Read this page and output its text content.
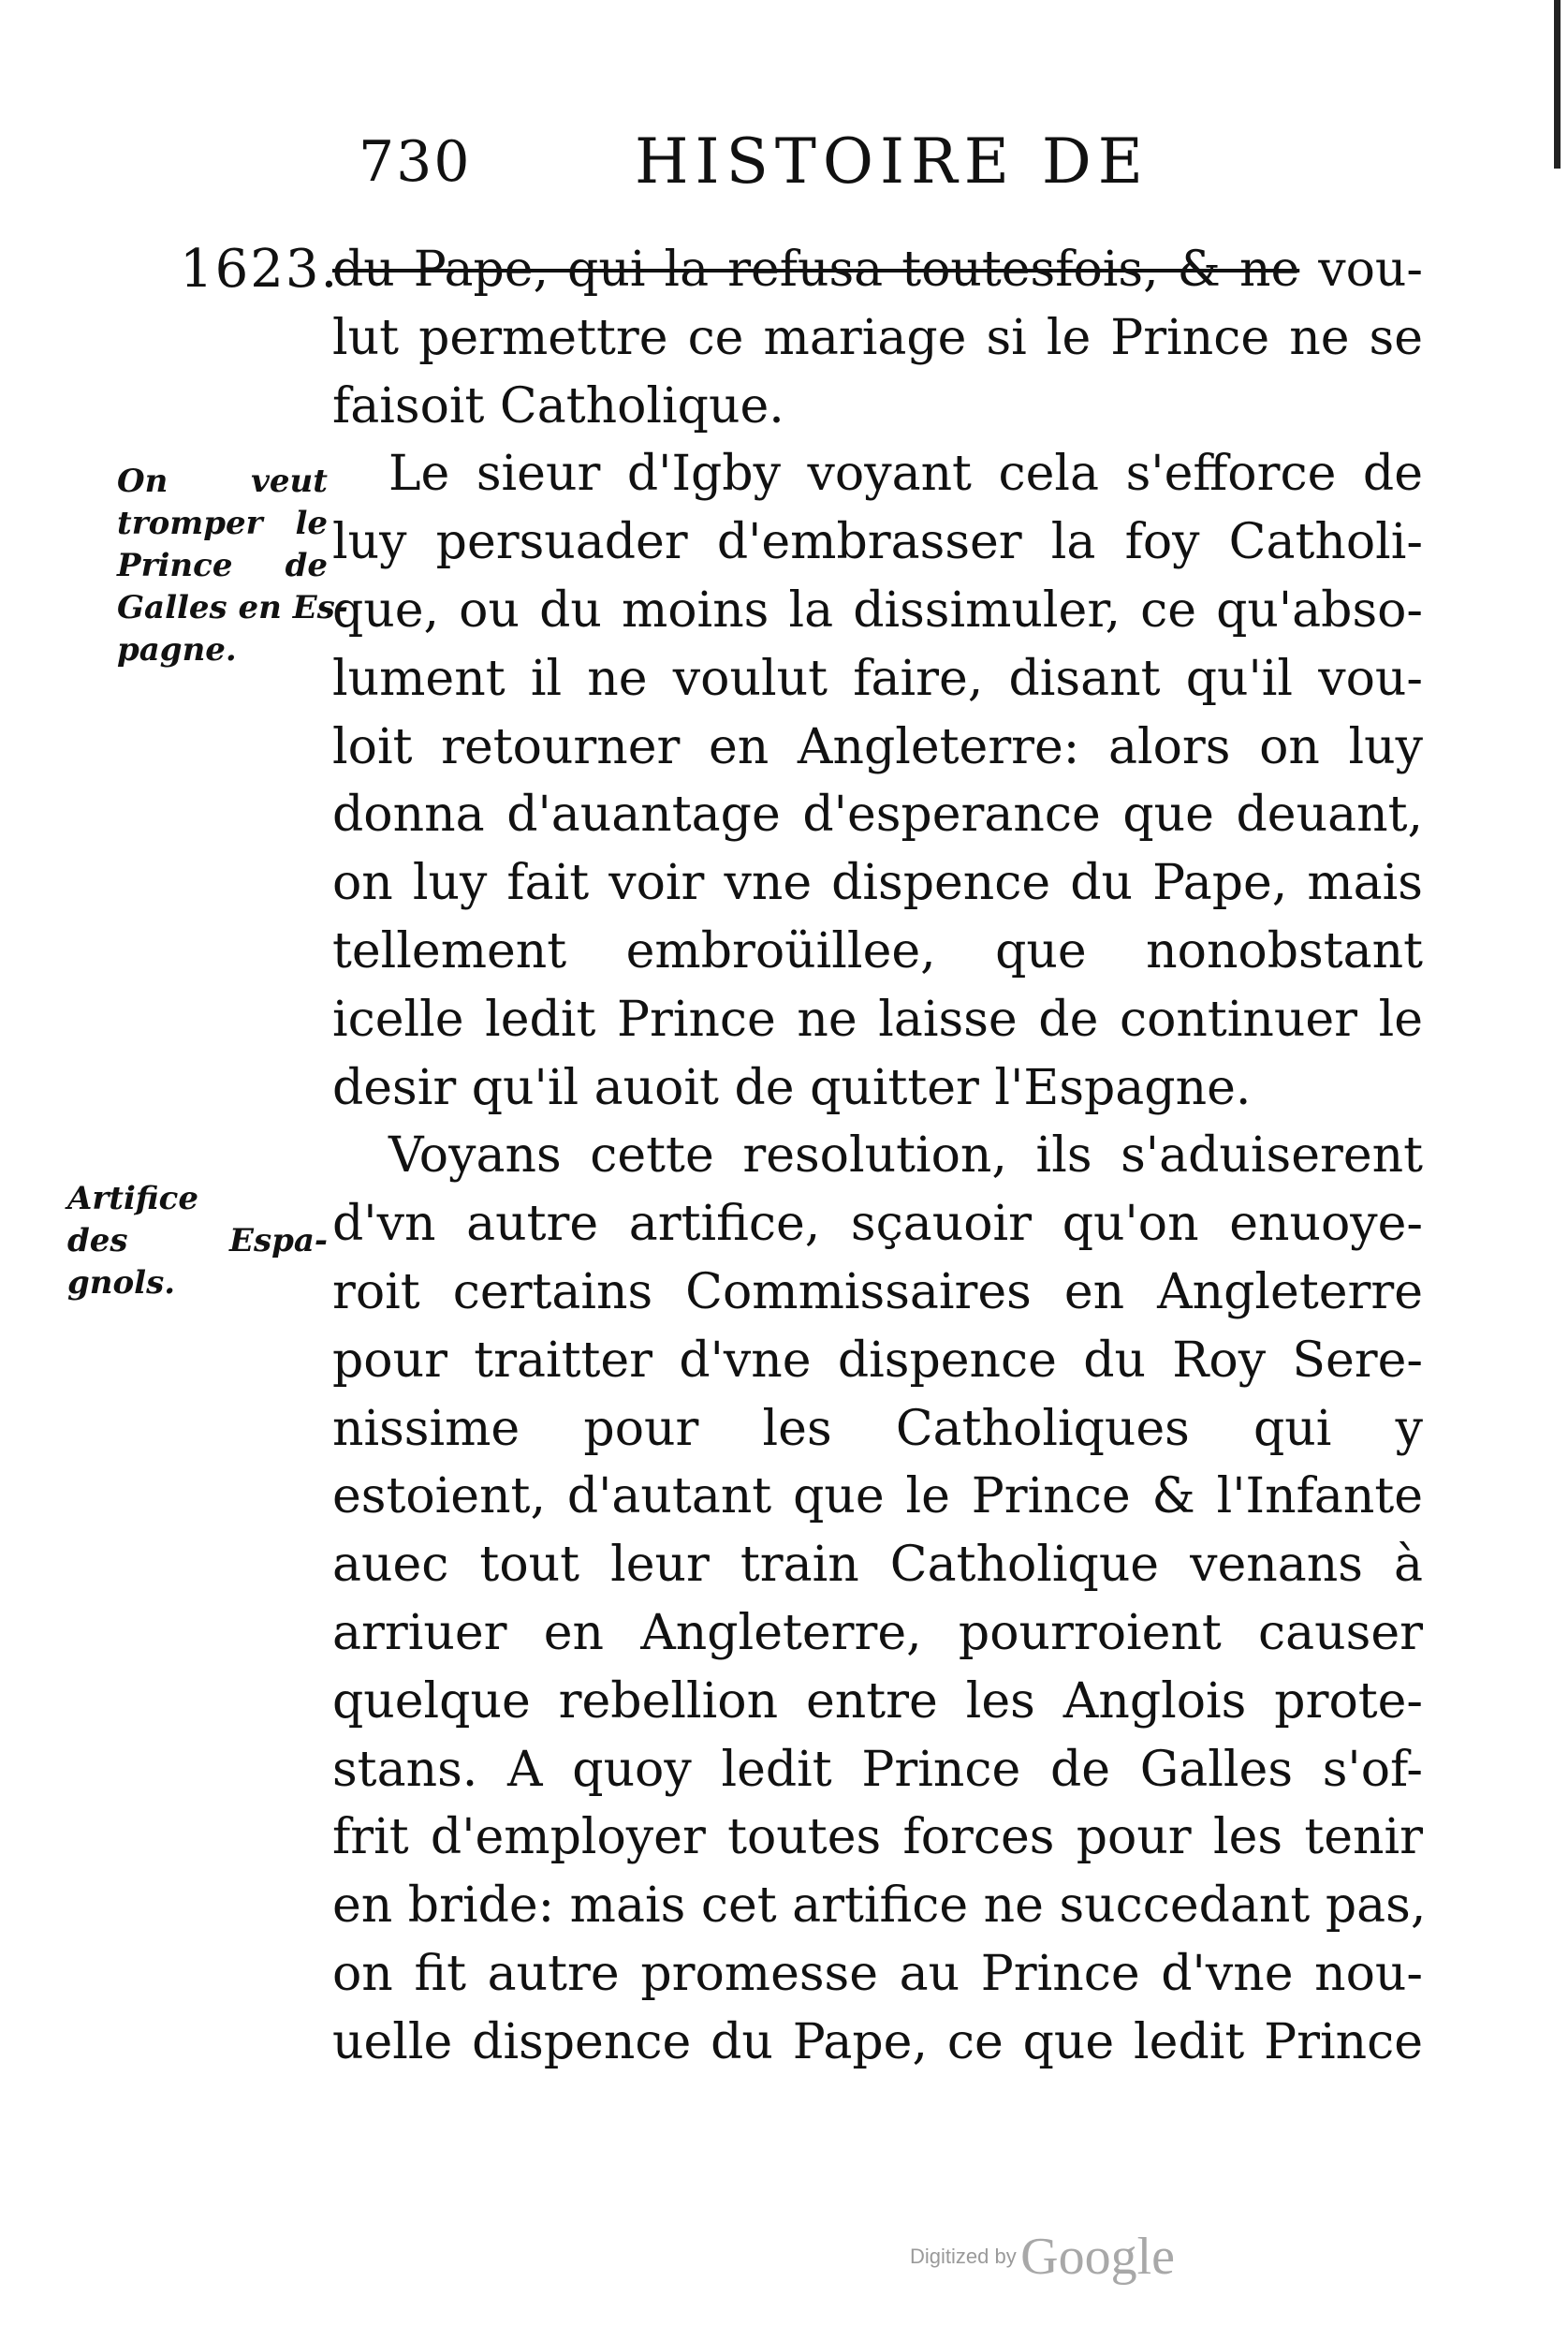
730	HISTOIRE DE
1623.
du Pape, qui la refusa toutesfois, & ne vou-
lut permettre ce mariage si le Prince ne se
faisoit Catholique.
Le sieur d'Igby voyant cela s'efforce de
luy persuader d'embrasser la foy Catholi-
que, ou du moins la dissimuler, ce qu'abso-
lument il ne voulut faire, disant qu'il vou-
loit retourner en Angleterre: alors on luy
donna d'auantage d'esperance que deuant,
on luy fait voir vne dispence du Pape, mais
tellement embroüillee, que nonobstant
icelle ledit Prince ne laisse de continuer le
desir qu'il auoit de quitter l'Espagne.
Voyans cette resolution, ils s'aduiserent
d'vn autre artifice, sçauoir qu'on enuoye-
roit certains Commissaires en Angleterre
pour traitter d'vne dispence du Roy Sere-
nissime pour les Catholiques qui y
estoient, d'autant que le Prince & l'Infante
auec tout leur train Catholique venans à
arriuer en Angleterre, pourroient causer
quelque rebellion entre les Anglois prote-
stans. A quoy ledit Prince de Galles s'of-
frit d'employer toutes forces pour les tenir
en bride: mais cet artifice ne succedant pas,
on fit autre promesse au Prince d'vne nou-
uelle dispence du Pape, ce que ledit Prince
On veut
tromper le
Prince de
Galles en Es-
pagne.
Artifice
des Espa-
gnols.
Digitized by Google
